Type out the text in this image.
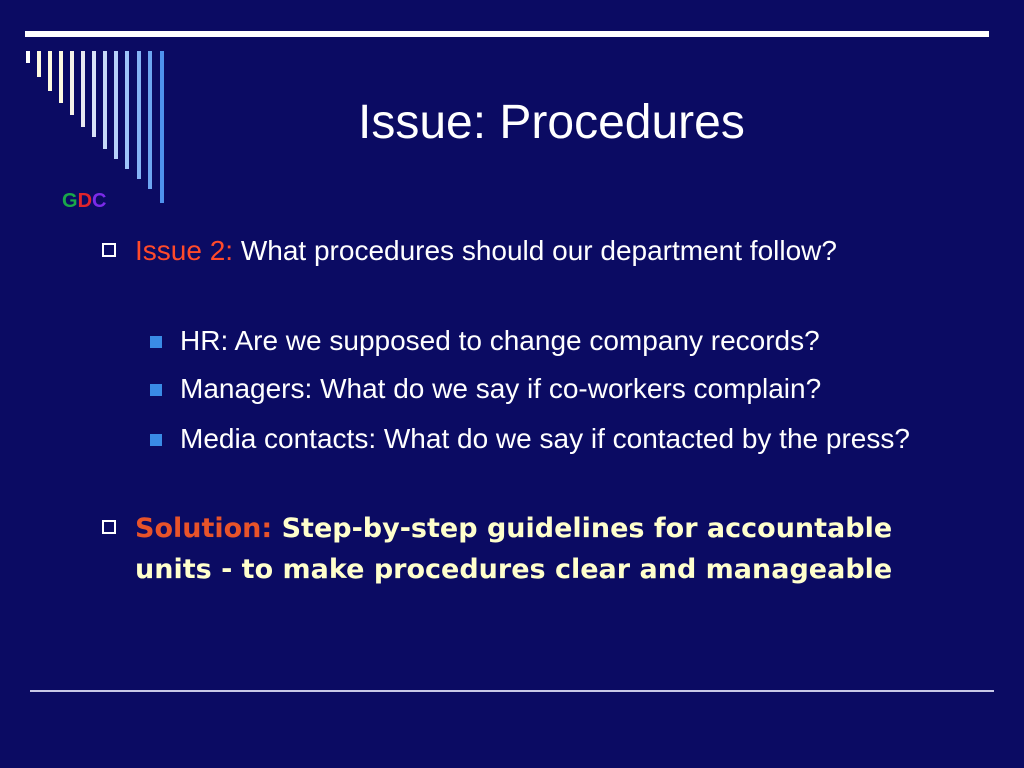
GDC
Issue: Procedures
Issue 2: What procedures should our department follow?
HR: Are we supposed to change company records?
Managers: What do we say if co-workers complain?
Media contacts: What do we say if contacted by the press?
Solution: Step-by-step guidelines for accountable units - to make procedures clear and manageable
